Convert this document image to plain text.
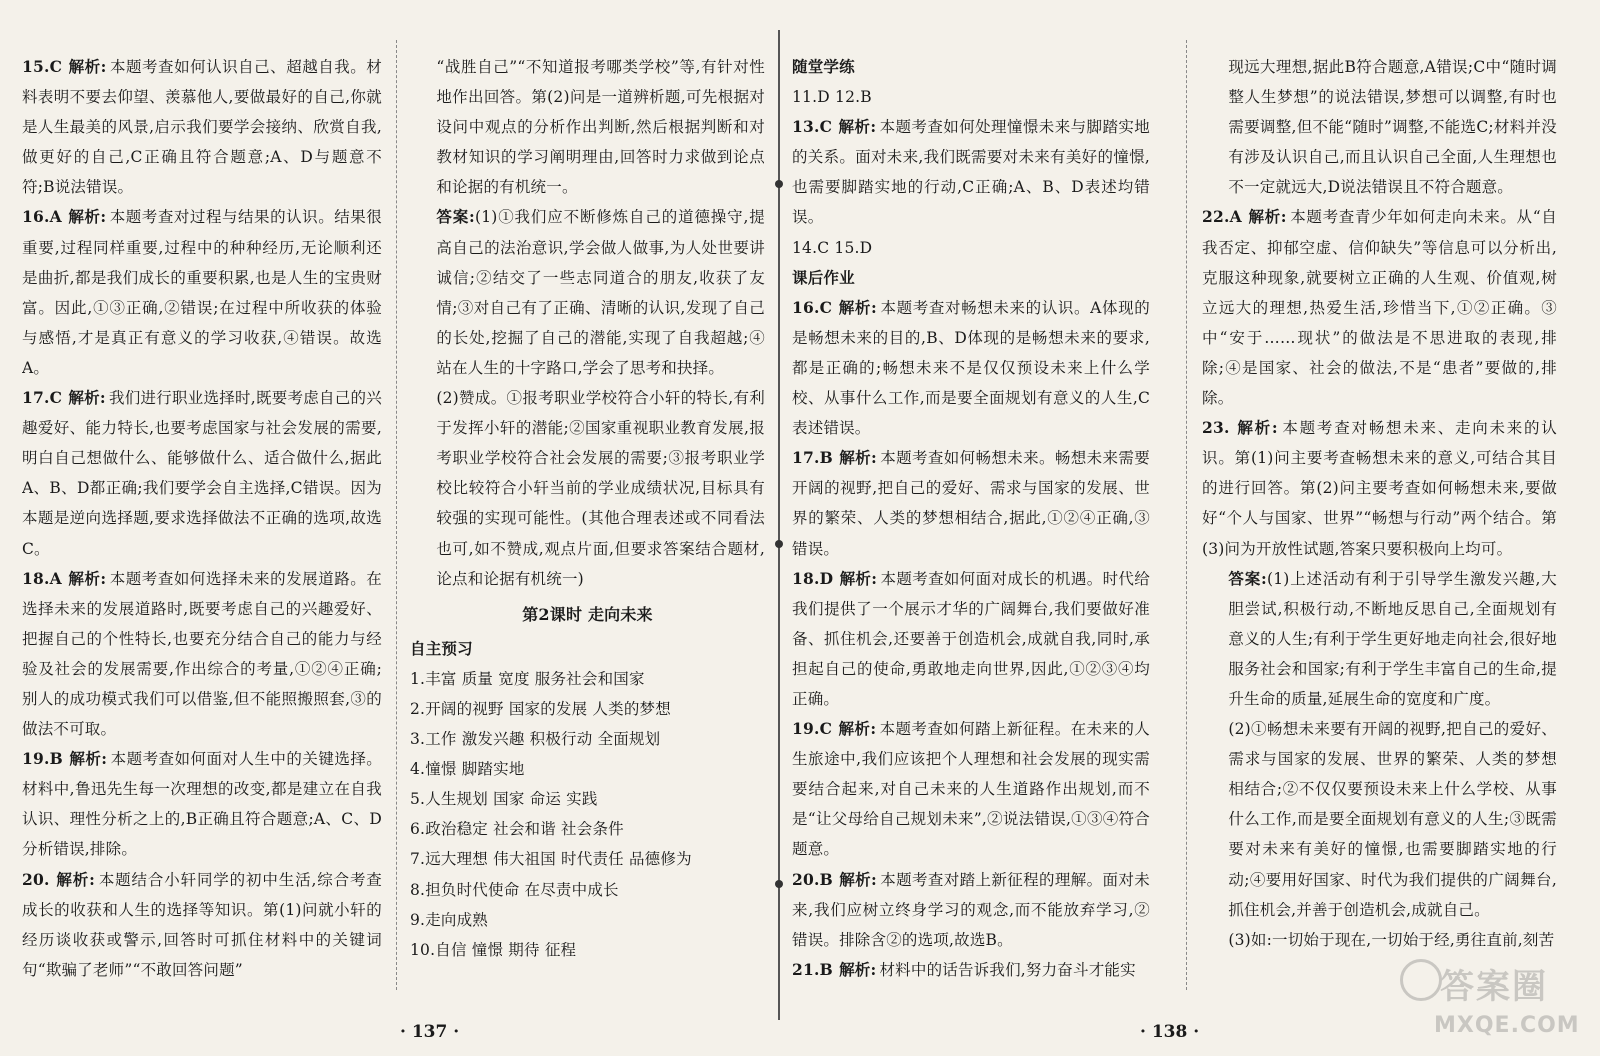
15.C 解析: 本题考查如何认识自己、超越自我。材料表明不要去仰望、羡慕他人,要做最好的自己,你就是人生最美的风景,启示我们要学会接纳、欣赏自我,做更好的自己,C正确且符合题意;A、D与题意不符;B说法错误。

16.A 解析: 本题考查对过程与结果的认识。结果很重要,过程同样重要,过程中的种种经历,无论顺利还是曲折,都是我们成长的重要积累,也是人生的宝贵财富。因此,①③正确,②错误;在过程中所收获的体验与感悟,才是真正有意义的学习收获,④错误。故选A。

17.C 解析: 我们进行职业选择时,既要考虑自己的兴趣爱好、能力特长,也要考虑国家与社会发展的需要,明白自己想做什么、能够做什么、适合做什么,据此A、B、D都正确;我们要学会自主选择,C错误。因为本题是逆向选择题,要求选择做法不正确的选项,故选C。

18.A 解析: 本题考查如何选择未来的发展道路。在选择未来的发展道路时,既要考虑自己的兴趣爱好、把握自己的个性特长,也要充分结合自己的能力与经验及社会的发展需要,作出综合的考量,①②④正确;别人的成功模式我们可以借鉴,但不能照搬照套,③的做法不可取。

19.B 解析: 本题考查如何面对人生中的关键选择。材料中,鲁迅先生每一次理想的改变,都是建立在自我认识、理性分析之上的,B正确且符合题意;A、C、D分析错误,排除。

20. 解析: 本题结合小轩同学的初中生活,综合考查成长的收获和人生的选择等知识。第(1)问就小轩的经历谈收获或警示,回答时可抓住材料中的关键词句“欺骗了老师”“不敢回答问题”

“战胜自己”“不知道报考哪类学校”等,有针对性地作出回答。第(2)问是一道辨析题,可先根据对设问中观点的分析作出判断,然后根据判断和对教材知识的学习阐明理由,回答时力求做到论点和论据的有机统一。

答案:(1)①我们应不断修炼自己的道德操守,提高自己的法治意识,学会做人做事,为人处世要讲诚信;②结交了一些志同道合的朋友,收获了友情;③对自己有了正确、清晰的认识,发现了自己的长处,挖掘了自己的潜能,实现了自我超越;④站在人生的十字路口,学会了思考和抉择。

(2)赞成。①报考职业学校符合小轩的特长,有利于发挥小轩的潜能;②国家重视职业教育发展,报考职业学校符合社会发展的需要;③报考职业学校比较符合小轩当前的学业成绩状况,目标具有较强的实现可能性。(其他合理表述或不同看法也可,如不赞成,观点片面,但要求答案结合题材,论点和论据有机统一)

第2课时 走向未来
自主预习
1.丰富 质量 宽度 服务社会和国家
2.开阔的视野 国家的发展 人类的梦想
3.工作 激发兴趣 积极行动 全面规划
4.憧憬 脚踏实地
5.人生规划 国家 命运 实践
6.政治稳定 社会和谐 社会条件
7.远大理想 伟大祖国 时代责任 品德修为
8.担负时代使命 在尽责中成长
9.走向成熟
10.自信 憧憬 期待 征程
随堂学练
11.D 12.B

13.C 解析: 本题考查如何处理憧憬未来与脚踏实地的关系。面对未来,我们既需要对未来有美好的憧憬,也需要脚踏实地的行动,C正确;A、B、D表述均错误。

14.C 15.D
课后作业

16.C 解析: 本题考查对畅想未来的认识。A体现的是畅想未来的目的,B、D体现的是畅想未来的要求,都是正确的;畅想未来不是仅仅预设未来上什么学校、从事什么工作,而是要全面规划有意义的人生,C表述错误。

17.B 解析: 本题考查如何畅想未来。畅想未来需要开阔的视野,把自己的爱好、需求与国家的发展、世界的繁荣、人类的梦想相结合,据此,①②④正确,③错误。

18.D 解析: 本题考查如何面对成长的机遇。时代给我们提供了一个展示才华的广阔舞台,我们要做好准备、抓住机会,还要善于创造机会,成就自我,同时,承担起自己的使命,勇敢地走向世界,因此,①②③④均正确。

19.C 解析: 本题考查如何踏上新征程。在未来的人生旅途中,我们应该把个人理想和社会发展的现实需要结合起来,对自己未来的人生道路作出规划,而不是“让父母给自己规划未来”,②说法错误,①③④符合题意。

20.B 解析: 本题考查对踏上新征程的理解。面对未来,我们应树立终身学习的观念,而不能放弃学习,②错误。排除含②的选项,故选B。

21.B 解析: 材料中的话告诉我们,努力奋斗才能实

现远大理想,据此B符合题意,A错误;C中“随时调整人生梦想”的说法错误,梦想可以调整,有时也需要调整,但不能“随时”调整,不能选C;材料并没有涉及认识自己,而且认识自己全面,人生理想也不一定就远大,D说法错误且不符合题意。

22.A 解析: 本题考查青少年如何走向未来。从“自我否定、抑郁空虚、信仰缺失”等信息可以分析出,克服这种现象,就要树立正确的人生观、价值观,树立远大的理想,热爱生活,珍惜当下,①②正确。③中“安于……现状”的做法是不思进取的表现,排除;④是国家、社会的做法,不是“患者”要做的,排除。

23. 解析: 本题考查对畅想未来、走向未来的认识。第(1)问主要考查畅想未来的意义,可结合其目的进行回答。第(2)问主要考查如何畅想未来,要做好“个人与国家、世界”“畅想与行动”两个结合。第(3)问为开放性试题,答案只要积极向上均可。

答案:(1)上述活动有利于引导学生激发兴趣,大胆尝试,积极行动,不断地反思自己,全面规划有意义的人生;有利于学生更好地走向社会,很好地服务社会和国家;有利于学生丰富自己的生命,提升生命的质量,延展生命的宽度和广度。

(2)①畅想未来要有开阔的视野,把自己的爱好、需求与国家的发展、世界的繁荣、人类的梦想相结合;②不仅仅要预设未来上什么学校、从事什么工作,而是要全面规划有意义的人生;③既需要对未来有美好的憧憬,也需要脚踏实地的行动;④要用好国家、时代为我们提供的广阔舞台,抓住机会,并善于创造机会,成就自己。

(3)如:一切始于现在,一切始于经,勇往直前,刻苦

· 137 ·	· 138 ·
答案圈
MXQE.COM
